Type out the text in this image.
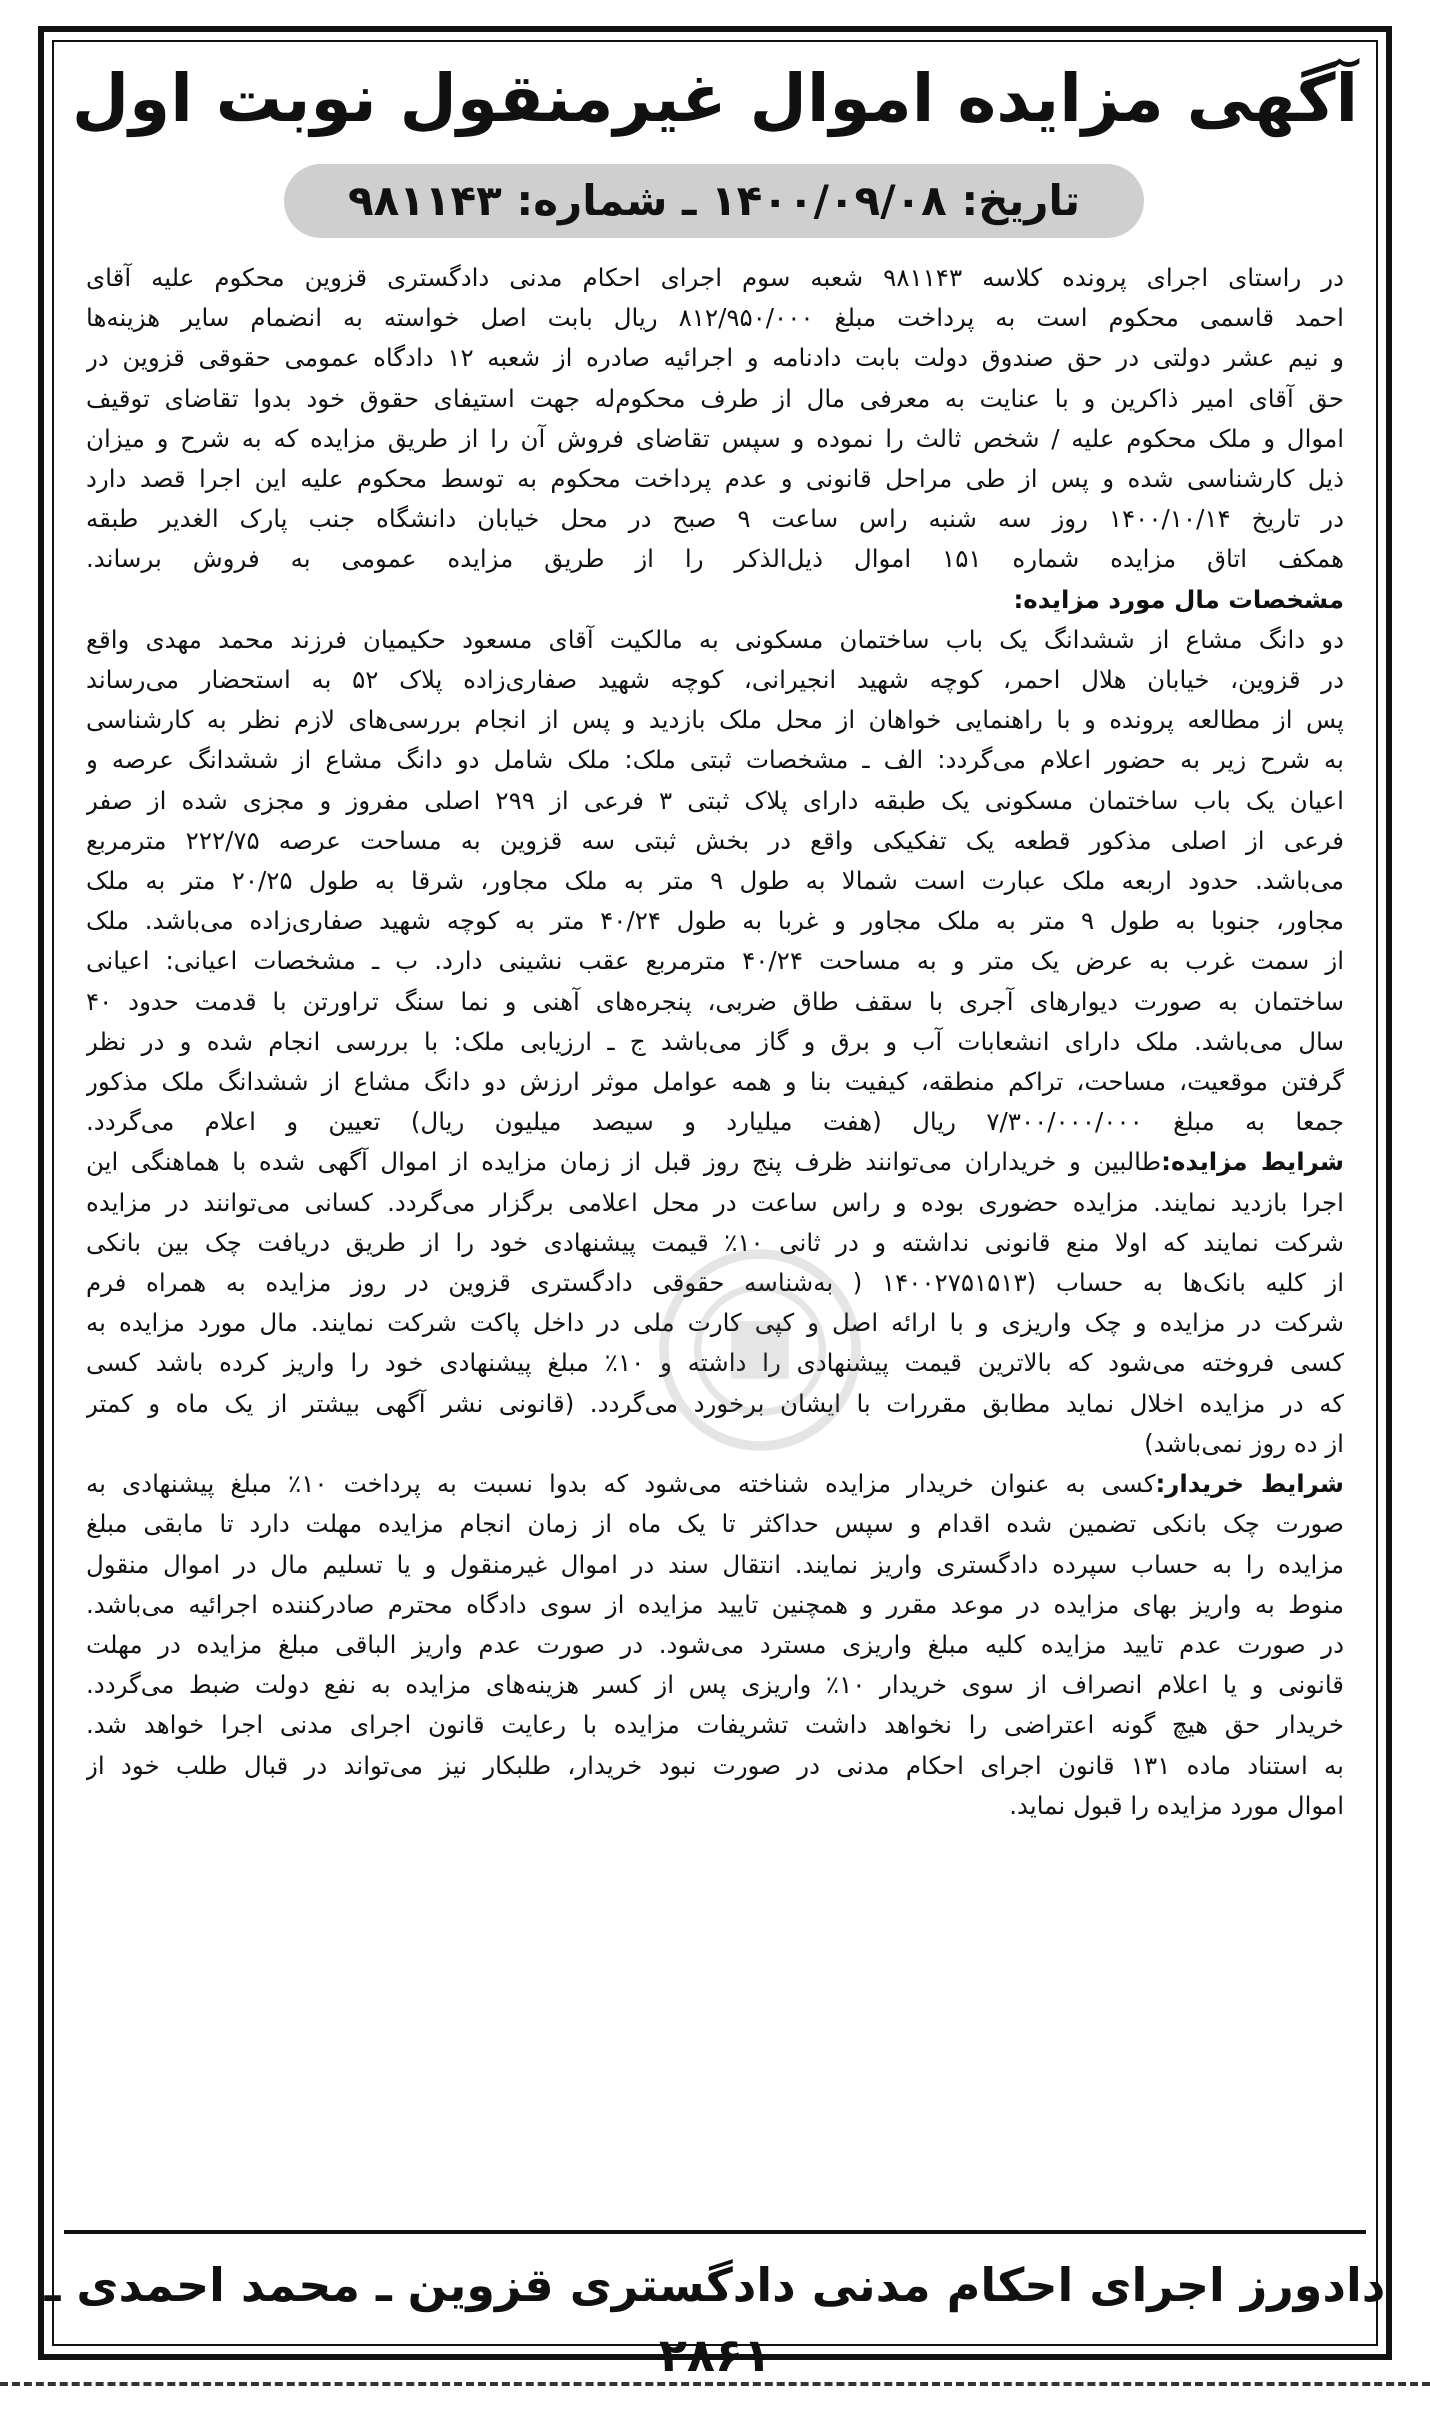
آگهی مزایده اموال غیرمنقول نوبت اول
تاریخ: ۱۴۰۰/۰۹/۰۸ ـ شماره: ۹۸۱۱۴۳
در راستای اجرای پرونده کلاسه ۹۸۱۱۴۳ شعبه سوم اجرای احکام مدنی دادگستری قزوین محکوم علیه آقای
احمد قاسمی محکوم است به پرداخت مبلغ ۸۱۲/۹۵۰/۰۰۰ ریال بابت اصل خواسته به انضمام سایر هزینه‌ها
و نیم عشر دولتی در حق صندوق دولت بابت دادنامه و اجرائیه صادره از شعبه ۱۲ دادگاه عمومی حقوقی قزوین در
حق آقای امیر ذاکرین و با عنایت به معرفی مال از طرف محکوم‌له جهت استیفای حقوق خود بدوا تقاضای توقیف
اموال و ملک محکوم علیه / شخص ثالث را نموده و سپس تقاضای فروش آن را از طریق مزایده که به شرح و میزان
ذیل کارشناسی شده و پس از طی مراحل قانونی و عدم پرداخت محکوم به توسط محکوم علیه این اجرا قصد دارد
در تاریخ ۱۴۰۰/۱۰/۱۴ روز سه شنبه راس ساعت ۹ صبح در محل خیابان دانشگاه جنب پارک الغدیر طبقه
همکف اتاق مزایده شماره ۱۵۱ اموال ذیل‌الذکر را از طریق مزایده عمومی به فروش برساند.
مشخصات مال مورد مزایده:
دو دانگ مشاع از ششدانگ یک باب ساختمان مسکونی به مالکیت آقای مسعود حکیمیان فرزند محمد مهدی واقع
در قزوین، خیابان هلال احمر، کوچه شهید انجیرانی، کوچه شهید صفاری‌زاده پلاک ۵۲ به استحضار می‌رساند
پس از مطالعه پرونده و با راهنمایی خواهان از محل ملک بازدید و پس از انجام بررسی‌های لازم نظر به کارشناسی
به شرح زیر به حضور اعلام می‌گردد: الف ـ مشخصات ثبتی ملک: ملک شامل دو دانگ مشاع از ششدانگ عرصه و
اعیان یک باب ساختمان مسکونی یک طبقه دارای پلاک ثبتی ۳ فرعی از ۲۹۹ اصلی مفروز و مجزی شده از صفر
فرعی از اصلی مذکور قطعه یک تفکیکی واقع در بخش ثبتی سه قزوین به مساحت عرصه ۲۲۲/۷۵ مترمربع
می‌باشد. حدود اربعه ملک عبارت است شمالا به طول ۹ متر به ملک مجاور، شرقا به طول ۲۰/۲۵ متر به ملک
مجاور، جنوبا به طول ۹ متر به ملک مجاور و غربا به طول ۴۰/۲۴ متر به کوچه شهید صفاری‌زاده می‌باشد. ملک
از سمت غرب به عرض یک متر و به مساحت ۴۰/۲۴ مترمربع عقب نشینی دارد. ب ـ مشخصات اعیانی: اعیانی
ساختمان به صورت دیوارهای آجری با سقف طاق ضربی، پنجره‌های آهنی و نما سنگ تراورتن با قدمت حدود ۴۰
سال می‌باشد. ملک دارای انشعابات آب و برق و گاز می‌باشد ج ـ ارزیابی ملک: با بررسی انجام شده و در نظر
گرفتن موقعیت، مساحت، تراکم منطقه، کیفیت بنا و همه عوامل موثر ارزش دو دانگ مشاع از ششدانگ ملک مذکور
جمعا به مبلغ ۷/۳۰۰/۰۰۰/۰۰۰ ریال (هفت میلیارد و سیصد میلیون ریال) تعیین و اعلام می‌گردد.
شرایط مزایده:طالبین و خریداران می‌توانند ظرف پنج روز قبل از زمان مزایده از اموال آگهی شده با هماهنگی این
اجرا بازدید نمایند. مزایده حضوری بوده و راس ساعت در محل اعلامی برگزار می‌گردد. کسانی می‌توانند در مزایده
شرکت نمایند که اولا منع قانونی نداشته و در ثانی ۱۰٪ قیمت پیشنهادی خود را از طریق دریافت چک بین بانکی
از کلیه بانک‌ها به حساب (۱۴۰۰۲۷۵۱۵۱۳ ( به‌شناسه حقوقی دادگستری قزوین در روز مزایده به همراه فرم
شرکت در مزایده و چک واریزی و با ارائه اصل و کپی کارت ملی در داخل پاکت شرکت نمایند. مال مورد مزایده به
کسی فروخته می‌شود که بالاترین قیمت پیشنهادی را داشته و ۱۰٪ مبلغ پیشنهادی خود را واریز کرده باشد کسی
که در مزایده اخلال نماید مطابق مقررات با ایشان برخورد می‌گردد. (قانونی نشر آگهی بیشتر از یک ماه و کمتر
از ده روز نمی‌باشد)
شرایط خریدار:کسی به عنوان خریدار مزایده شناخته می‌شود که بدوا نسبت به پرداخت ۱۰٪ مبلغ پیشنهادی به
صورت چک بانکی تضمین شده اقدام و سپس حداکثر تا یک ماه از زمان انجام مزایده مهلت دارد تا مابقی مبلغ
مزایده را به حساب سپرده دادگستری واریز نمایند. انتقال سند در اموال غیرمنقول و یا تسلیم مال در اموال منقول
منوط به واریز بهای مزایده در موعد مقرر و همچنین تایید مزایده از سوی دادگاه محترم صادرکننده اجرائیه می‌باشد.
در صورت عدم تایید مزایده کلیه مبلغ واریزی مسترد می‌شود. در صورت عدم واریز الباقی مبلغ مزایده در مهلت
قانونی و یا اعلام انصراف از سوی خریدار ۱۰٪ واریزی پس از کسر هزینه‌های مزایده به نفع دولت ضبط می‌گردد.
خریدار حق هیچ گونه اعتراضی را نخواهد داشت تشریفات مزایده با رعایت قانون اجرای مدنی اجرا خواهد شد.
به استناد ماده ۱۳۱ قانون اجرای احکام مدنی در صورت نبود خریدار، طلبکار نیز می‌تواند در قبال طلب خود از
اموال مورد مزایده را قبول نماید.
دادورز اجرای احکام مدنی دادگستری قزوین ـ محمد احمدی ـ ۲۸۶۱
